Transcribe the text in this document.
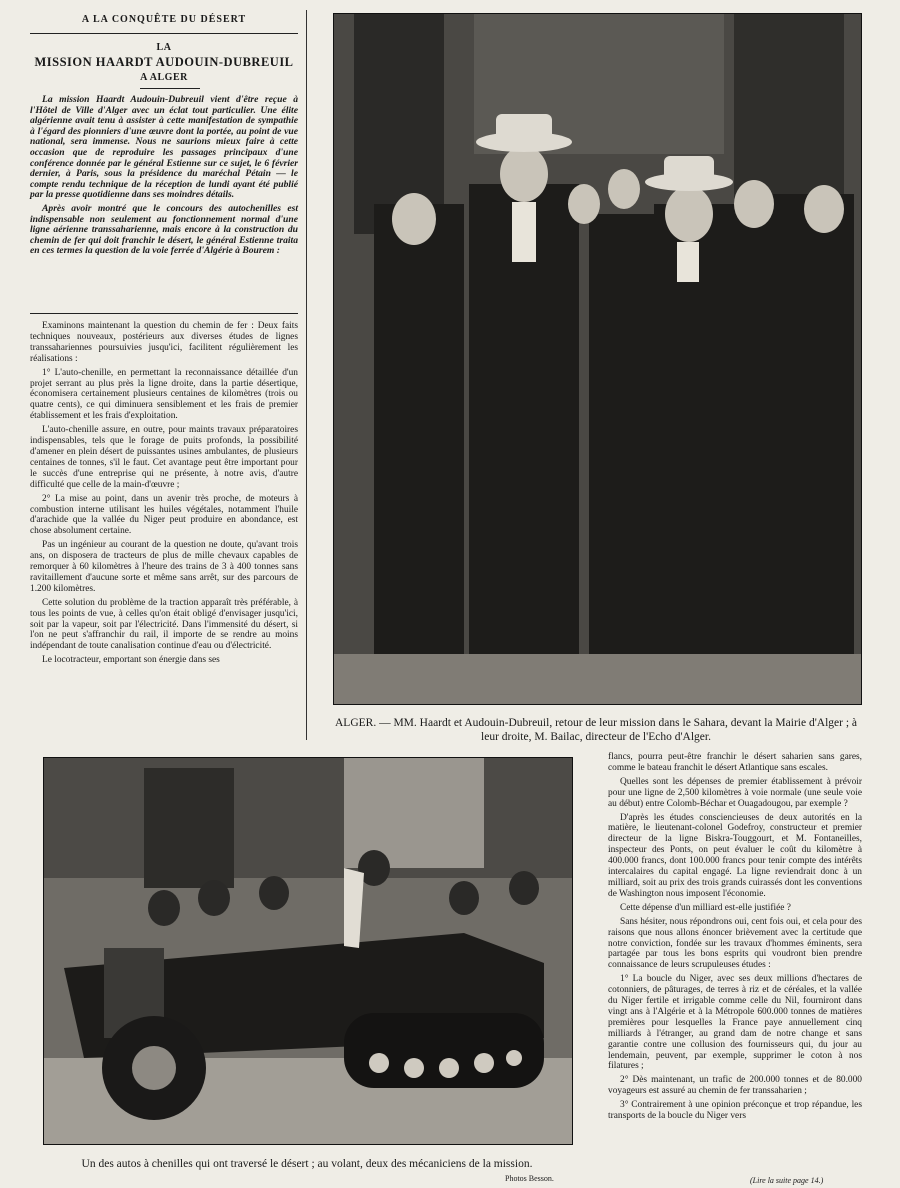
A LA CONQUÊTE DU DÉSERT
LA
MISSION HAARDT AUDOUIN-DUBREUIL
A ALGER

La mission Haardt Audouin-Dubreuil vient d'être reçue à l'Hôtel de Ville d'Alger avec un éclat tout particulier. Une élite algérienne avait tenu à assister à cette manifestation de sympathie à l'égard des pionniers d'une œuvre dont la portée, au point de vue national, sera immense. Nous ne saurions mieux faire à cette occasion que de reproduire les passages principaux d'une conférence donnée par le général Estienne sur ce sujet, le 6 février dernier, à Paris, sous la présidence du maréchal Pétain — le compte rendu technique de la réception de lundi ayant été publié par la presse quotidienne dans ses moindres détails.

Après avoir montré que le concours des autochenilles est indispensable non seulement au fonctionnement normal d'une ligne aérienne transsaharienne, mais encore à la construction du chemin de fer qui doit franchir le désert, le général Estienne traita en ces termes la question de la voie ferrée d'Algérie à Bourem :

Examinons maintenant la question du chemin de fer : Deux faits techniques nouveaux, postérieurs aux diverses études de lignes transsahariennes poursuivies jusqu'ici, facilitent régulièrement les réalisations :

1° L'auto-chenille, en permettant la reconnaissance détaillée d'un projet serrant au plus près la ligne droite, dans la partie désertique, économisera certainement plusieurs centaines de kilomètres (trois ou quatre cents), ce qui diminuera sensiblement et les frais de premier établissement et les frais d'exploitation.

L'auto-chenille assure, en outre, pour maints travaux préparatoires indispensables, tels que le forage de puits profonds, la possibilité d'amener en plein désert de puissantes usines ambulantes, de plusieurs centaines de tonnes, s'il le faut. Cet avantage peut être important pour le succès d'une entreprise qui ne présente, à notre avis, d'autre difficulté que celle de la main-d'œuvre ;

2° La mise au point, dans un avenir très proche, de moteurs à combustion interne utilisant les huiles végétales, notamment l'huile d'arachide que la vallée du Niger peut produire en abondance, est chose absolument certaine.

Pas un ingénieur au courant de la question ne doute, qu'avant trois ans, on disposera de tracteurs de plus de mille chevaux capables de remorquer à 60 kilomètres à l'heure des trains de 3 à 400 tonnes sans ravitaillement d'aucune sorte et même sans arrêt, sur des parcours de 1.200 kilomètres.

Cette solution du problème de la traction apparaît très préférable, à tous les points de vue, à celles qu'on était obligé d'envisager jusqu'ici, soit par la vapeur, soit par l'électricité. Dans l'immensité du désert, si l'on ne peut s'affranchir du rail, il importe de se rendre au moins indépendant de toute canalisation continue d'eau ou d'électricité.

Le locotracteur, emportant son énergie dans ses

ALGER. — MM. Haardt et Audouin-Dubreuil, retour de leur mission dans le Sahara, devant la Mairie d'Alger ; à leur droite, M. Bailac, directeur de l'Echo d'Alger.
Un des autos à chenilles qui ont traversé le désert ; au volant, deux des mécaniciens de la mission.
Photos Besson.

flancs, pourra peut-être franchir le désert saharien sans gares, comme le bateau franchit le désert Atlantique sans escales.

Quelles sont les dépenses de premier établissement à prévoir pour une ligne de 2,500 kilomètres à voie normale (une seule voie au début) entre Colomb-Béchar et Ouagadougou, par exemple ?

D'après les études consciencieuses de deux autorités en la matière, le lieutenant-colonel Godefroy, constructeur et premier directeur de la ligne Biskra-Touggourt, et M. Fontaneilles, inspecteur des Ponts, on peut évaluer le coût du kilomètre à 400.000 francs, dont 100.000 francs pour tenir compte des intérêts intercalaires du capital engagé. La ligne reviendrait donc à un milliard, soit au prix des trois grands cuirassés dont les conventions de Washington nous imposent l'économie.

Cette dépense d'un milliard est-elle justifiée ?

Sans hésiter, nous répondrons oui, cent fois oui, et cela pour des raisons que nous allons énoncer brièvement avec la certitude que notre conviction, fondée sur les travaux d'hommes éminents, sera partagée par tous les bons esprits qui voudront bien prendre connaissance de leurs scrupuleuses études :

1° La boucle du Niger, avec ses deux millions d'hectares de cotonniers, de pâturages, de terres à riz et de céréales, et la vallée du Niger fertile et irrigable comme celle du Nil, fourniront dans vingt ans à l'Algérie et à la Métropole 600.000 tonnes de matières premières pour lesquelles la France paye annuellement cinq milliards à l'étranger, au grand dam de notre change et sans garantie contre une collusion des fournisseurs qui, du jour au lendemain, peuvent, par exemple, supprimer le coton à nos filatures ;

2° Dès maintenant, un trafic de 200.000 tonnes et de 80.000 voyageurs est assuré au chemin de fer transsaharien ;

3° Contrairement à une opinion préconçue et trop répandue, les transports de la boucle du Niger vers

(Lire la suite page 14.)
